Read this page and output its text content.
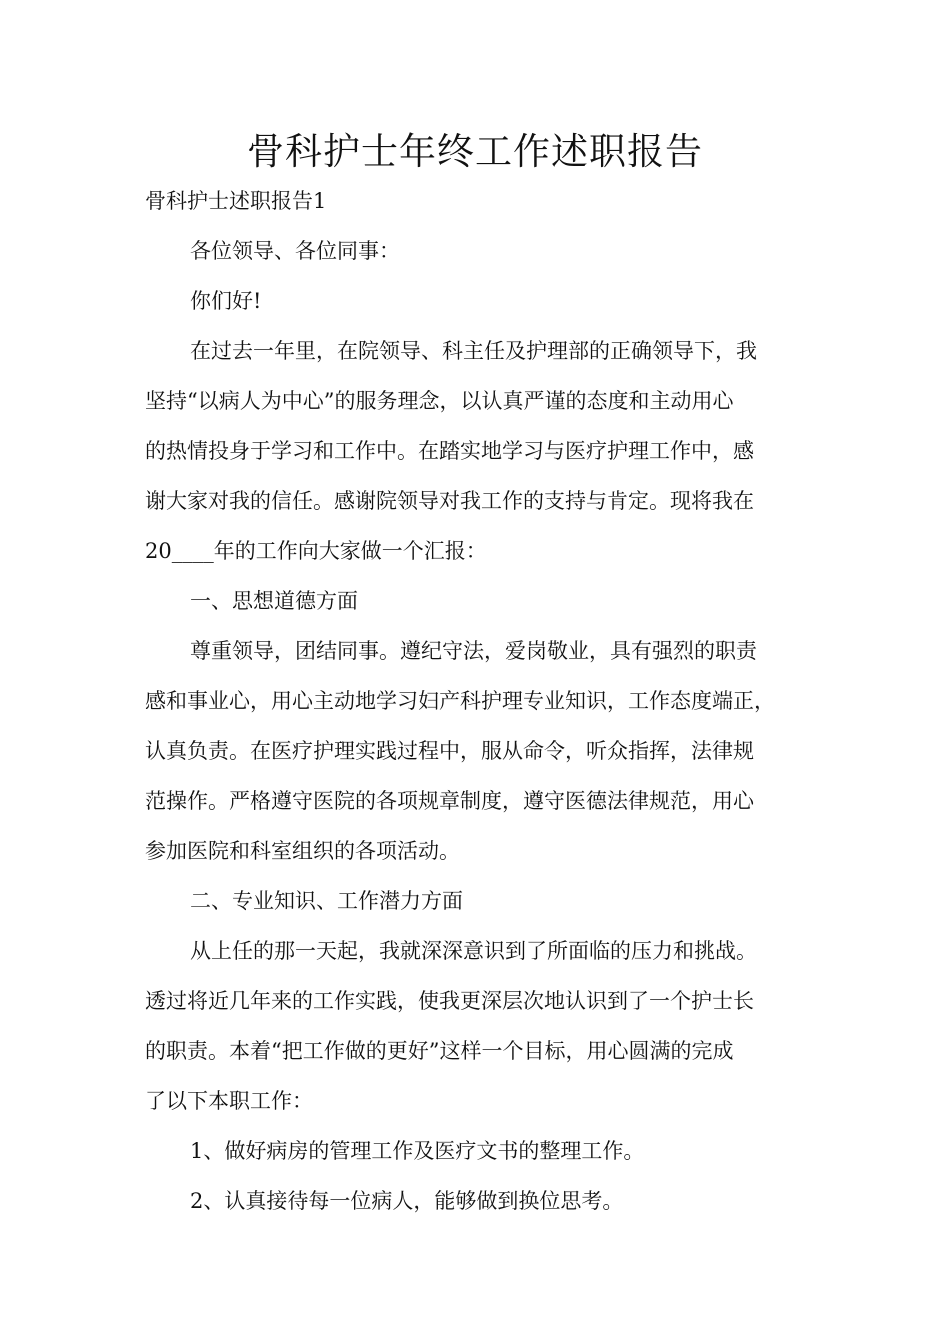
骨科护士年终工作述职报告

骨科护士述职报告1

各位领导、各位同事：

你们好!

在过去一年里，在院领导、科主任及护理部的正确领导下，我

坚持“以病人为中心”的服务理念，以认真严谨的态度和主动用心

的热情投身于学习和工作中。在踏实地学习与医疗护理工作中，感

谢大家对我的信任。感谢院领导对我工作的支持与肯定。现将我在

20____年的工作向大家做一个汇报：

一、思想道德方面

尊重领导，团结同事。遵纪守法，爱岗敬业，具有强烈的职责

感和事业心，用心主动地学习妇产科护理专业知识，工作态度端正，

认真负责。在医疗护理实践过程中，服从命令，听众指挥，法律规

范操作。严格遵守医院的各项规章制度，遵守医德法律规范，用心

参加医院和科室组织的各项活动。

二、专业知识、工作潜力方面

从上任的那一天起，我就深深意识到了所面临的压力和挑战。

透过将近几年来的工作实践，使我更深层次地认识到了一个护士长

的职责。本着“把工作做的更好”这样一个目标，用心圆满的完成

了以下本职工作：

1、做好病房的管理工作及医疗文书的整理工作。

2、认真接待每一位病人，能够做到换位思考。
